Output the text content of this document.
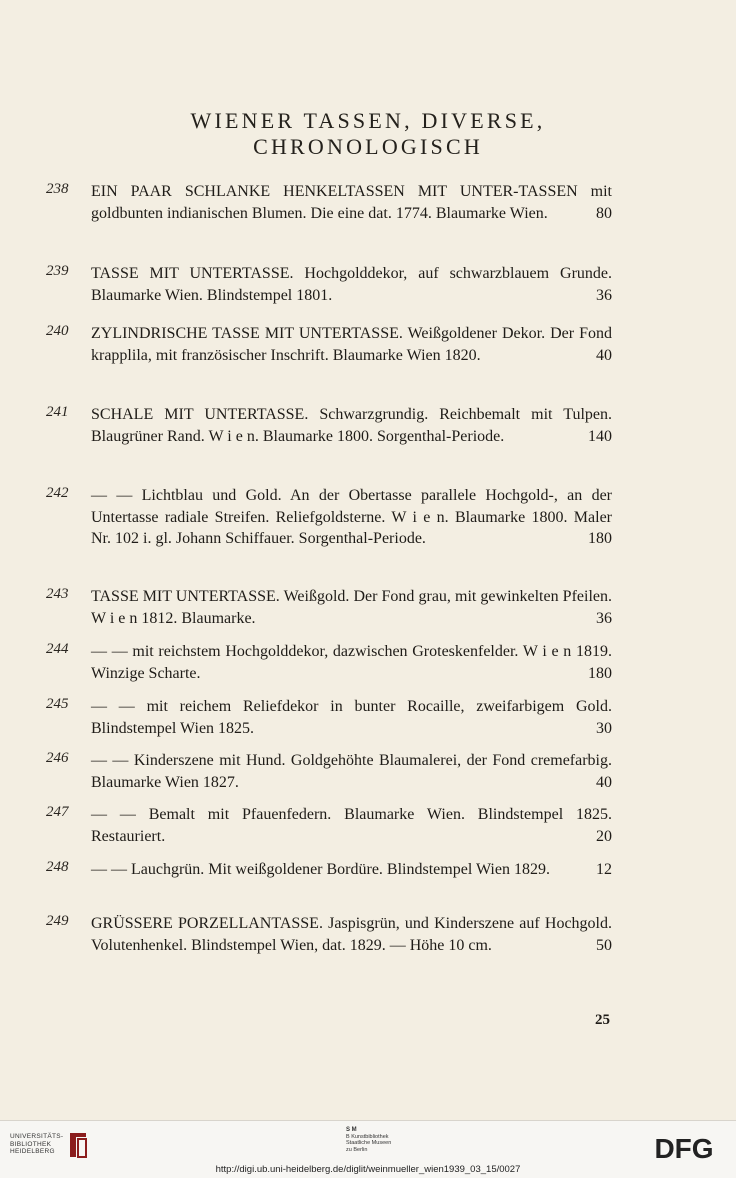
WIENER TASSEN, DIVERSE,
CHRONOLOGISCH
238 EIN PAAR SCHLANKE HENKELTASSEN MIT UNTER-TASSEN mit goldbunten indianischen Blumen. Die eine dat. 1774. Blaumarke Wien.	80
239 TASSE MIT UNTERTASSE. Hochgolddekor, auf schwarzblauem Grunde. Blaumarke Wien. Blindstempel 1801.	36
240 ZYLINDRISCHE TASSE MIT UNTERTASSE. Weißgoldener Dekor. Der Fond krapplila, mit französischer Inschrift. Blaumarke Wien 1820.	40
241 SCHALE MIT UNTERTASSE. Schwarzgrundig. Reichbemalt mit Tulpen. Blaugrüner Rand. W i e n. Blaumarke 1800. Sorgenthal-Periode.	140
242 — — Lichtblau und Gold. An der Obertasse parallele Hochgold-, an der Untertasse radiale Streifen. Reliefgoldsterne. W i e n. Blaumarke 1800. Maler Nr. 102 i. gl. Johann Schiffauer. Sorgenthal-Periode.	180
243 TASSE MIT UNTERTASSE. Weißgold. Der Fond grau, mit gewinkelten Pfeilen. W i e n 1812. Blaumarke.	36
244 — — mit reichstem Hochgolddekor, dazwischen Groteskenfelder. W i e n 1819. Winzige Scharte.	180
245 — — mit reichem Reliefdekor in bunter Rocaille, zweifarbigem Gold. Blindstempel Wien 1825.	30
246 — — Kinderszene mit Hund. Goldgehöhte Blaumalerei, der Fond cremefarbig. Blaumarke Wien 1827.	40
247 — — Bemalt mit Pfauenfedern. Blaumarke Wien. Blindstempel 1825. Restauriert.	20
248 — — Lauchgrün. Mit weißgoldener Bordüre. Blindstempel Wien 1829.	12
249 GRÜSSERE PORZELLANTASSE. Jaspisgrün, und Kinderszene auf Hochgold. Volutenhenkel. Blindstempel Wien, dat. 1829. — Höhe 10 cm.	50
25
UNIVERSITÄTS-
BIBLIOTHEK
HEIDELBERG
S M
B Kunstbibliothek
Staatliche Museen
zu Berlin	DFG
http://digi.ub.uni-heidelberg.de/diglit/weinmueller_wien1939_03_15/0027
